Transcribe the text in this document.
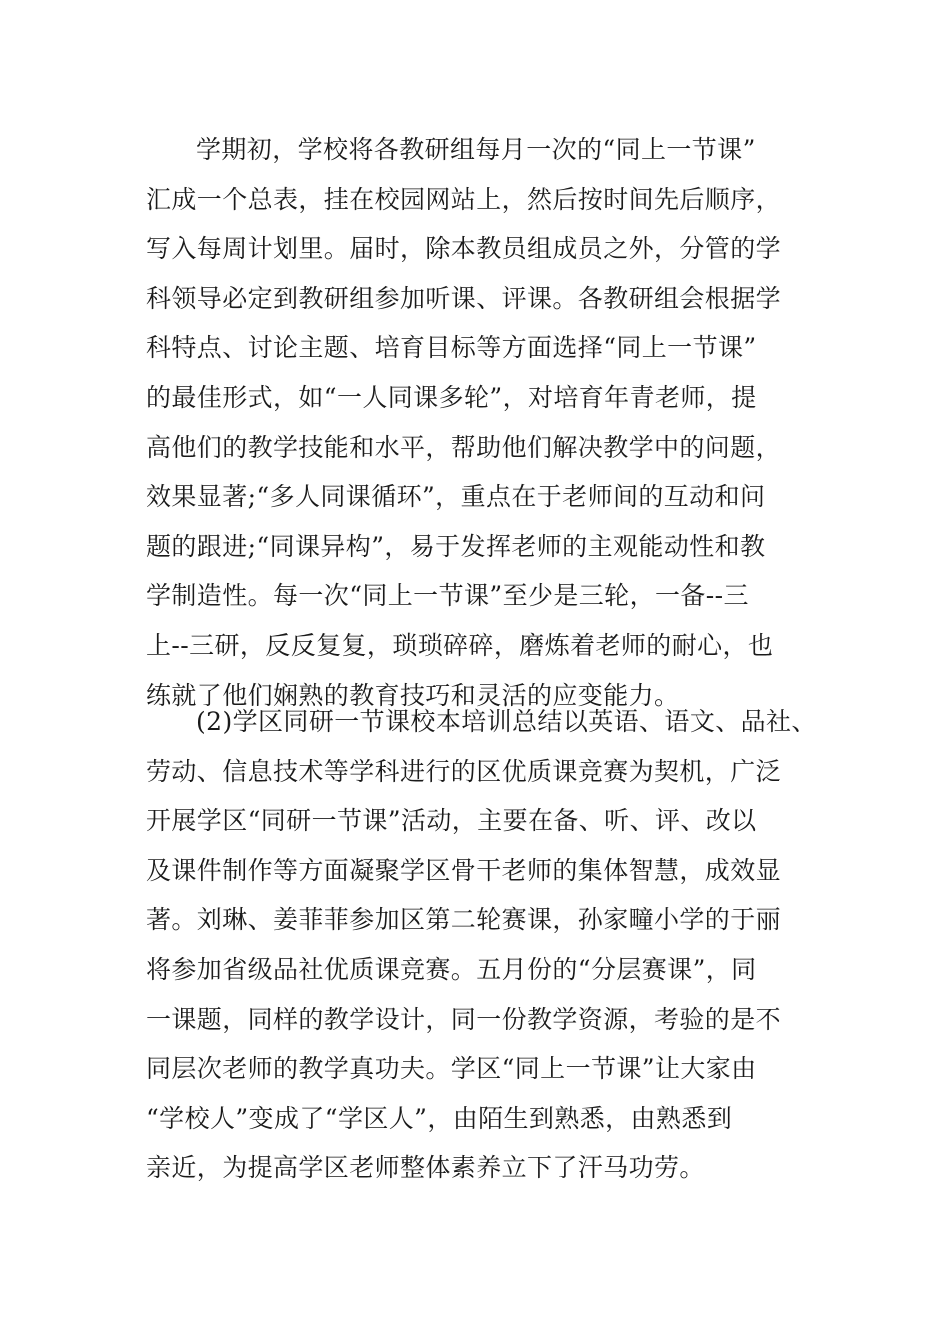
学期初，学校将各教研组每月一次的“同上一节课”
汇成一个总表，挂在校园网站上，然后按时间先后顺序，
写入每周计划里。届时，除本教员组成员之外，分管的学
科领导必定到教研组参加听课、评课。各教研组会根据学
科特点、讨论主题、培育目标等方面选择“同上一节课”
的最佳形式，如“一人同课多轮”，对培育年青老师，提
高他们的教学技能和水平，帮助他们解决教学中的问题，
效果显著;“多人同课循环”，重点在于老师间的互动和问
题的跟进;“同课异构”，易于发挥老师的主观能动性和教
学制造性。每一次“同上一节课”至少是三轮，一备--三
上--三研，反反复复，琐琐碎碎，磨炼着老师的耐心，也
练就了他们娴熟的教育技巧和灵活的应变能力。
(2)学区同研一节课校本培训总结以英语、语文、品社、
劳动、信息技术等学科进行的区优质课竞赛为契机，广泛
开展学区“同研一节课”活动，主要在备、听、评、改以
及课件制作等方面凝聚学区骨干老师的集体智慧，成效显
著。刘琳、姜菲菲参加区第二轮赛课，孙家疃小学的于丽
将参加省级品社优质课竞赛。五月份的“分层赛课”，同
一课题，同样的教学设计，同一份教学资源，考验的是不
同层次老师的教学真功夫。学区“同上一节课”让大家由
“学校人”变成了“学区人”，由陌生到熟悉，由熟悉到
亲近，为提高学区老师整体素养立下了汗马功劳。
